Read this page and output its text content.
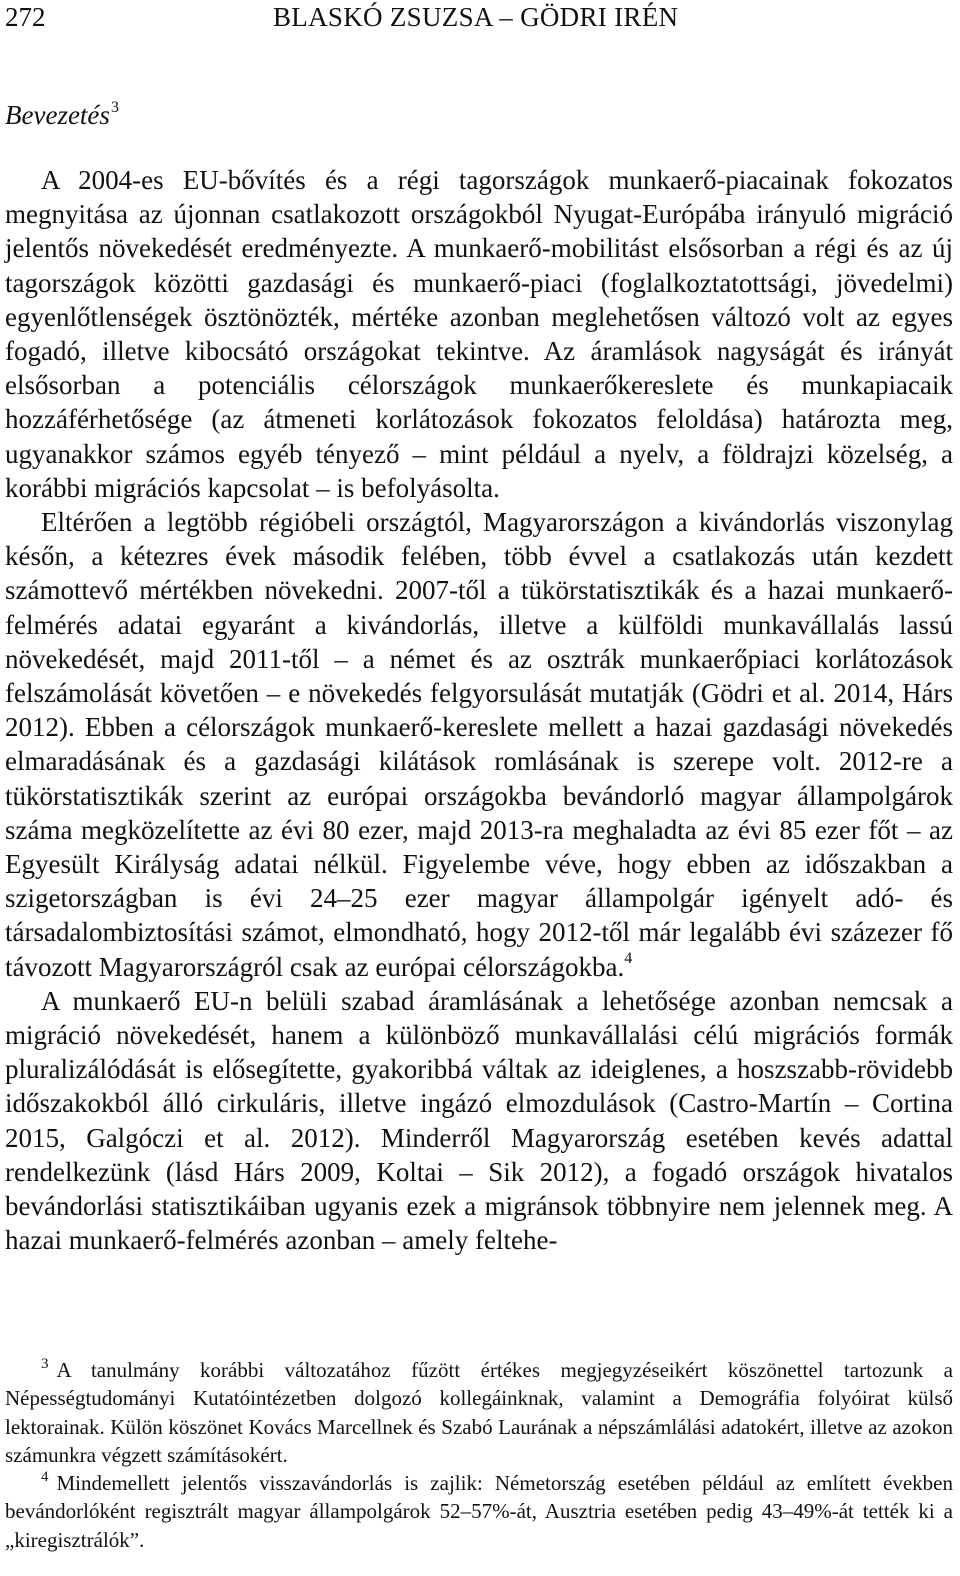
272	BLASKÓ ZSUZSA – GÖDRI IRÉN
Bevezetés$^3$

A 2004-es EU-bővítés és a régi tagországok munkaerő-piacainak fokozatos megnyitása az újonnan csatlakozott országokból Nyugat-Európába irányuló migráció jelentős növekedését eredményezte. A munkaerő-mobilitást elsősorban a régi és az új tagországok közötti gazdasági és munkaerő-piaci (foglalkoztatottsági, jövedelmi) egyenlőtlenségek ösztönözték, mértéke azonban meglehetősen változó volt az egyes fogadó, illetve kibocsátó országokat tekintve. Az áramlások nagyságát és irányát elsősorban a potenciális célországok munkaerőkereslete és munkapiacaik hozzáférhetősége (az átmeneti korlátozások fokozatos feloldása) határozta meg, ugyanakkor számos egyéb tényező – mint például a nyelv, a földrajzi közelség, a korábbi migrációs kapcsolat – is befolyásolta.

Eltérően a legtöbb régióbeli országtól, Magyarországon a kivándorlás viszonylag későn, a kétezres évek második felében, több évvel a csatlakozás után kezdett számottevő mértékben növekedni. 2007-től a tükörstatisztikák és a hazai munkaerő-felmérés adatai egyaránt a kivándorlás, illetve a külföldi munkavállalás lassú növekedését, majd 2011-től – a német és az osztrák munkaerőpiaci korlátozások felszámolását követően – e növekedés felgyorsulását mutatják (Gödri et al. 2014, Hárs 2012). Ebben a célországok munkaerő-kereslete mellett a hazai gazdasági növekedés elmaradásának és a gazdasági kilátások romlásának is szerepe volt. 2012-re a tükörstatisztikák szerint az európai országokba bevándorló magyar állampolgárok száma megközelítette az évi 80 ezer, majd 2013-ra meghaladta az évi 85 ezer főt – az Egyesült Királyság adatai nélkül. Figyelembe véve, hogy ebben az időszakban a szigetországban is évi 24–25 ezer magyar állampolgár igényelt adó- és társadalombiztosítási számot, elmondható, hogy 2012-től már legalább évi százezer fő távozott Magyarországról csak az európai célországokba.$^4$

A munkaerő EU-n belüli szabad áramlásának a lehetősége azonban nemcsak a migráció növekedését, hanem a különböző munkavállalási célú migrációs formák pluralizálódását is elősegítette, gyakoribbá váltak az ideiglenes, a hoszszabb-rövidebb időszakokból álló cirkuláris, illetve ingázó elmozdulások (Castro-Martín – Cortina 2015, Galgóczi et al. 2012). Minderről Magyarország esetében kevés adattal rendelkezünk (lásd Hárs 2009, Koltai – Sik 2012), a fogadó országok hivatalos bevándorlási statisztikáiban ugyanis ezek a migránsok többnyire nem jelennek meg. A hazai munkaerő-felmérés azonban – amely feltehe-

$^3$ A tanulmány korábbi változatához fűzött értékes megjegyzéseikért köszönettel tartozunk a Népességtudományi Kutatóintézetben dolgozó kollegáinknak, valamint a Demográfia folyóirat külső lektorainak. Külön köszönet Kovács Marcellnek és Szabó Laurának a népszámlálási adatokért, illetve az azokon számunkra végzett számításokért.

$^4$ Mindemellett jelentős visszavándorlás is zajlik: Németország esetében például az említett években bevándorlóként regisztrált magyar állampolgárok 52–57%-át, Ausztria esetében pedig 43–49%-át tették ki a „kiregisztrálók”.
